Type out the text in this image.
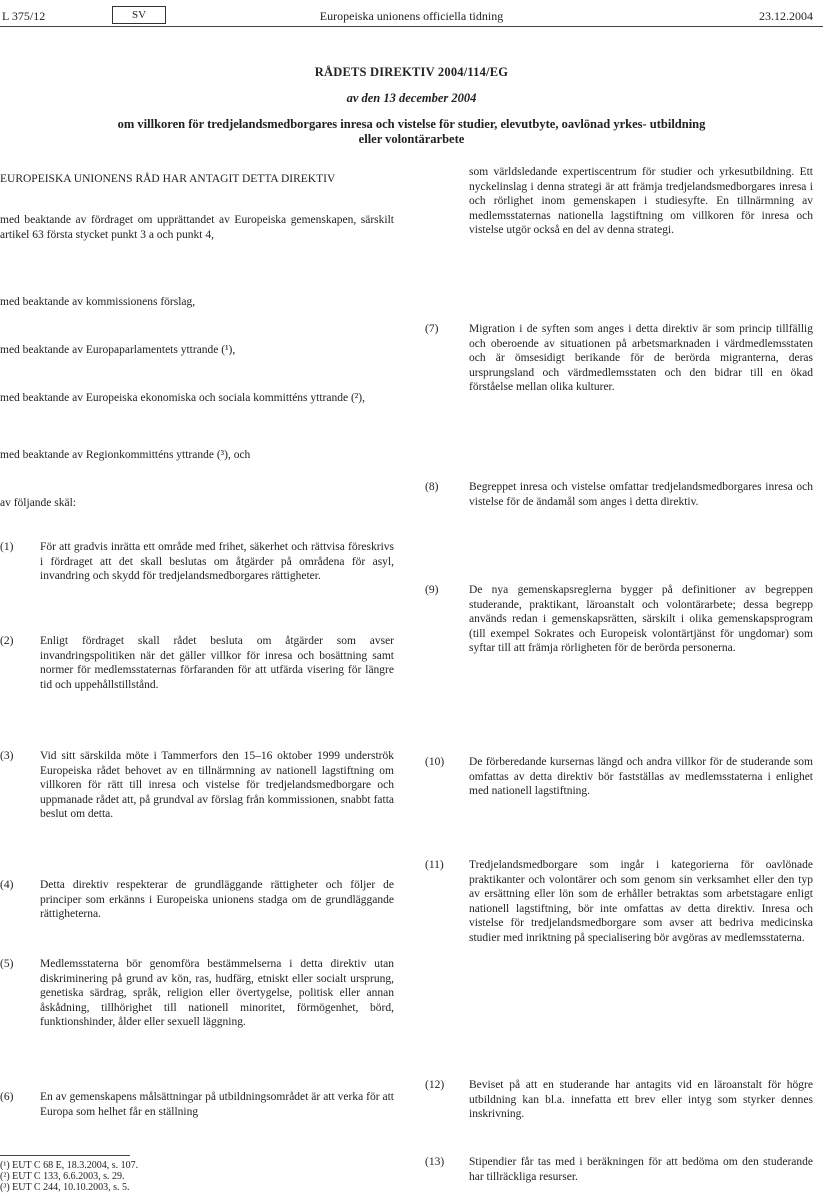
L 375/12	SV	Europeiska unionens officiella tidning	23.12.2004
RÅDETS DIREKTIV 2004/114/EG
av den 13 december 2004
om villkoren för tredjelandsmedborgares inresa och vistelse för studier, elevutbyte, oavlönad yrkes- utbildning eller volontärarbete

EUROPEISKA UNIONENS RÅD HAR ANTAGIT DETTA DIREKTIV

med beaktande av fördraget om upprättandet av Europeiska gemenskapen, särskilt artikel 63 första stycket punkt 3 a och punkt 4,

med beaktande av kommissionens förslag,

med beaktande av Europaparlamentets yttrande (¹),

med beaktande av Europeiska ekonomiska och sociala kommitténs yttrande (²),

med beaktande av Regionkommitténs yttrande (³), och

av följande skäl:

(1) För att gradvis inrätta ett område med frihet, säkerhet och rättvisa föreskrivs i fördraget att det skall beslutas om åtgärder på områdena för asyl, invandring och skydd för tredjelandsmedborgares rättigheter.

(2) Enligt fördraget skall rådet besluta om åtgärder som avser invandringspolitiken när det gäller villkor för inresa och bosättning samt normer för medlemsstaternas förfaranden för att utfärda visering för längre tid och uppehållstillstånd.

(3) Vid sitt särskilda möte i Tammerfors den 15–16 oktober 1999 underströk Europeiska rådet behovet av en tillnärmning av nationell lagstiftning om villkoren för rätt till inresa och vistelse för tredjelandsmedborgare och uppmanade rådet att, på grundval av förslag från kommissionen, snabbt fatta beslut om detta.

(4) Detta direktiv respekterar de grundläggande rättigheter och följer de principer som erkänns i Europeiska unionens stadga om de grundläggande rättigheterna.

(5) Medlemsstaterna bör genomföra bestämmelserna i detta direktiv utan diskriminering på grund av kön, ras, hudfärg, etniskt eller socialt ursprung, genetiska särdrag, språk, religion eller övertygelse, politisk eller annan åskådning, tillhörighet till nationell minoritet, förmögenhet, börd, funktionshinder, ålder eller sexuell läggning.

(6) En av gemenskapens målsättningar på utbildningsområdet är att verka för att Europa som helhet får en ställning

(¹) EUT C 68 E, 18.3.2004, s. 107.
(²) EUT C 133, 6.6.2003, s. 29.
(³) EUT C 244, 10.10.2003, s. 5.

som världsledande expertiscentrum för studier och yrkesutbildning. Ett nyckelinslag i denna strategi är att främja tredjelandsmedborgares inresa i och rörlighet inom gemenskapen i studiesyfte. En tillnärmning av medlemsstaternas nationella lagstiftning om villkoren för inresa och vistelse utgör också en del av denna strategi.

(7)	Migration i de syften som anges i detta direktiv är som princip tillfällig och oberoende av situationen på arbetsmarknaden i värdmedlemsstaten och är ömsesidigt berikande för de berörda migranterna, deras ursprungsland och värdmedlemsstaten och den bidrar till en ökad förståelse mellan olika kulturer.

(8)	Begreppet inresa och vistelse omfattar tredjelandsmedborgares inresa och vistelse för de ändamål som anges i detta direktiv.

(9)	De nya gemenskapsreglerna bygger på definitioner av begreppen studerande, praktikant, läroanstalt och volontärarbete; dessa begrepp används redan i gemenskapsrätten, särskilt i olika gemenskapsprogram (till exempel Sokrates och Europeisk volontärtjänst för ungdomar) som syftar till att främja rörligheten för de berörda personerna.

(10) De förberedande kursernas längd och andra villkor för de studerande som omfattas av detta direktiv bör fastställas av medlemsstaterna i enlighet med nationell lagstiftning.

(11) Tredjelandsmedborgare som ingår i kategorierna för oavlönade praktikanter och volontärer och som genom sin verksamhet eller den typ av ersättning eller lön som de erhåller betraktas som arbetstagare enligt nationell lagstiftning, bör inte omfattas av detta direktiv. Inresa och vistelse för tredjelandsmedborgare som avser att bedriva medicinska studier med inriktning på specialisering bör avgöras av medlemsstaterna.

(12) Beviset på att en studerande har antagits vid en läroanstalt för högre utbildning kan bl.a. innefatta ett brev eller intyg som styrker dennes inskrivning.

(13) Stipendier får tas med i beräkningen för att bedöma om den studerande har tillräckliga resurser.
